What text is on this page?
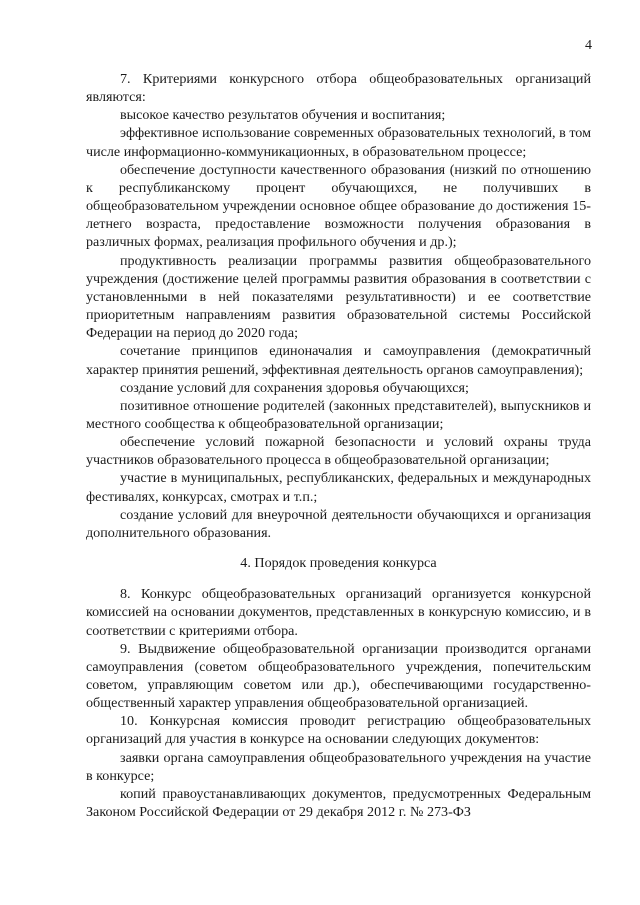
4

7. Критериями конкурсного отбора общеобразовательных организаций являются:

высокое качество результатов обучения и воспитания;

эффективное использование современных образовательных технологий, в том числе информационно-коммуникационных, в образовательном процессе;

обеспечение доступности качественного образования (низкий по отношению к республиканскому процент обучающихся, не получивших в общеобразовательном учреждении основное общее образование до достижения 15-летнего возраста, предоставление возможности получения образования в различных формах, реализация профильного обучения и др.);

продуктивность реализации программы развития общеобразовательного учреждения (достижение целей программы развития образования в соответствии с установленными в ней показателями результативности) и ее соответствие приоритетным направлениям развития образовательной системы Российской Федерации на период до 2020 года;

сочетание принципов единоначалия и самоуправления (демократичный характер принятия решений, эффективная деятельность органов самоуправления);

создание условий для сохранения здоровья обучающихся;

позитивное отношение родителей (законных представителей), выпускников и местного сообщества к общеобразовательной организации;

обеспечение условий пожарной безопасности и условий охраны труда участников образовательного процесса в общеобразовательной организации;

участие в муниципальных, республиканских, федеральных и международных фестивалях, конкурсах, смотрах и т.п.;

создание условий для внеурочной деятельности обучающихся и организация дополнительного образования.

4. Порядок проведения конкурса

8. Конкурс общеобразовательных организаций организуется конкурсной комиссией на основании документов, представленных в конкурсную комиссию, и в соответствии с критериями отбора.

9. Выдвижение общеобразовательной организации производится органами самоуправления (советом общеобразовательного учреждения, попечительским советом, управляющим советом или др.), обеспечивающими государственно-общественный характер управления общеобразовательной организацией.

10. Конкурсная комиссия проводит регистрацию общеобразовательных организаций для участия в конкурсе на основании следующих документов:

заявки органа самоуправления общеобразовательного учреждения на участие в конкурсе;

копий правоустанавливающих документов, предусмотренных Федеральным Законом Российской Федерации от 29 декабря 2012 г. № 273-ФЗ
